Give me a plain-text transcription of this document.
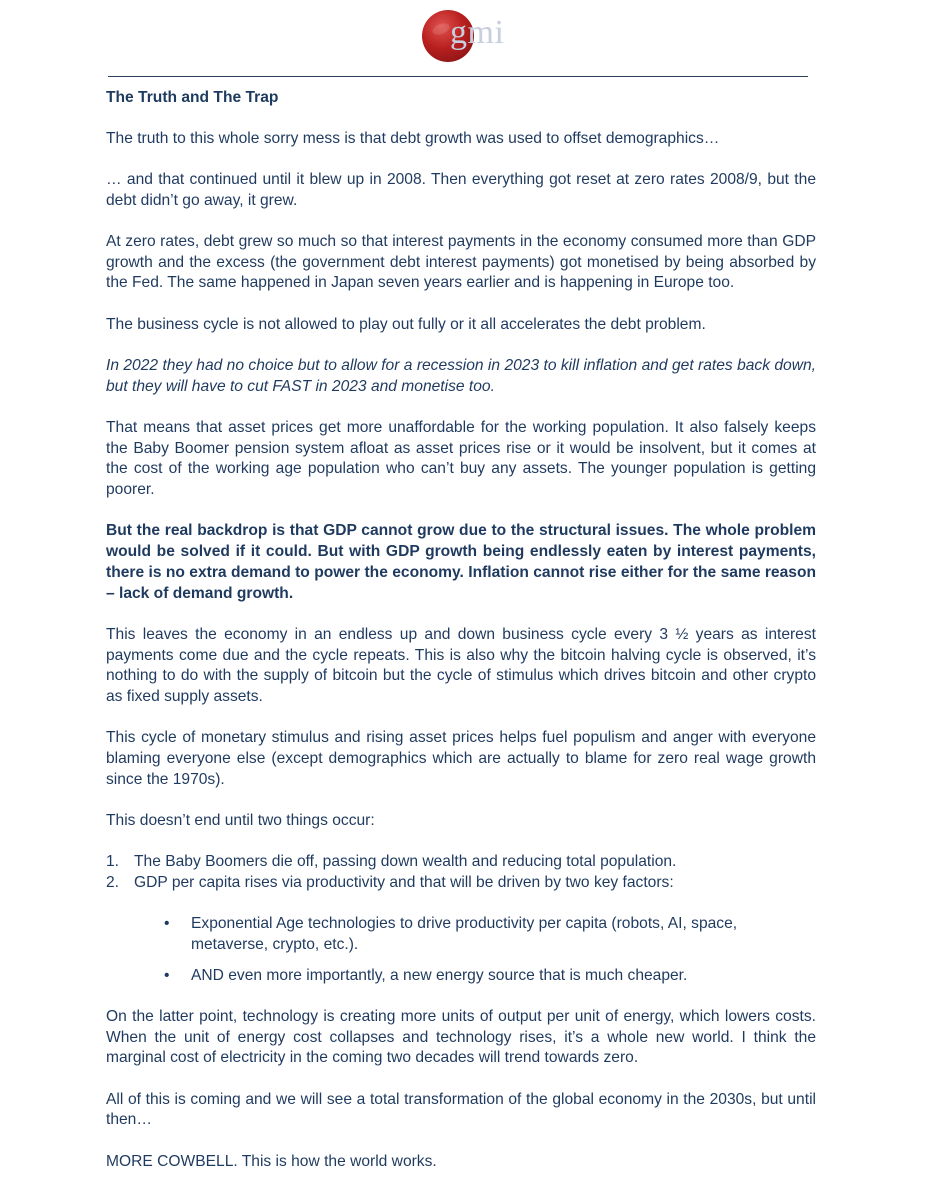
gmi

The Truth and The Trap

The truth to this whole sorry mess is that debt growth was used to offset demographics…

… and that continued until it blew up in 2008. Then everything got reset at zero rates 2008/9, but the debt didn’t go away, it grew.

At zero rates, debt grew so much so that interest payments in the economy consumed more than GDP growth and the excess (the government debt interest payments) got monetised by being absorbed by the Fed. The same happened in Japan seven years earlier and is happening in Europe too.

The business cycle is not allowed to play out fully or it all accelerates the debt problem.

In 2022 they had no choice but to allow for a recession in 2023 to kill inflation and get rates back down, but they will have to cut FAST in 2023 and monetise too.

That means that asset prices get more unaffordable for the working population. It also falsely keeps the Baby Boomer pension system afloat as asset prices rise or it would be insolvent, but it comes at the cost of the working age population who can’t buy any assets. The younger population is getting poorer.

But the real backdrop is that GDP cannot grow due to the structural issues. The whole problem would be solved if it could. But with GDP growth being endlessly eaten by interest payments, there is no extra demand to power the economy. Inflation cannot rise either for the same reason – lack of demand growth.

This leaves the economy in an endless up and down business cycle every 3 ½ years as interest payments come due and the cycle repeats. This is also why the bitcoin halving cycle is observed, it’s nothing to do with the supply of bitcoin but the cycle of stimulus which drives bitcoin and other crypto as fixed supply assets.

This cycle of monetary stimulus and rising asset prices helps fuel populism and anger with everyone blaming everyone else (except demographics which are actually to blame for zero real wage growth since the 1970s).

This doesn’t end until two things occur:

1. The Baby Boomers die off, passing down wealth and reducing total population.
2. GDP per capita rises via productivity and that will be driven by two key factors:
• Exponential Age technologies to drive productivity per capita (robots, AI, space, metaverse, crypto, etc.).
• AND even more importantly, a new energy source that is much cheaper.

On the latter point, technology is creating more units of output per unit of energy, which lowers costs. When the unit of energy cost collapses and technology rises, it’s a whole new world. I think the marginal cost of electricity in the coming two decades will trend towards zero.

All of this is coming and we will see a total transformation of the global economy in the 2030s, but until then…

MORE COWBELL. This is how the world works.
